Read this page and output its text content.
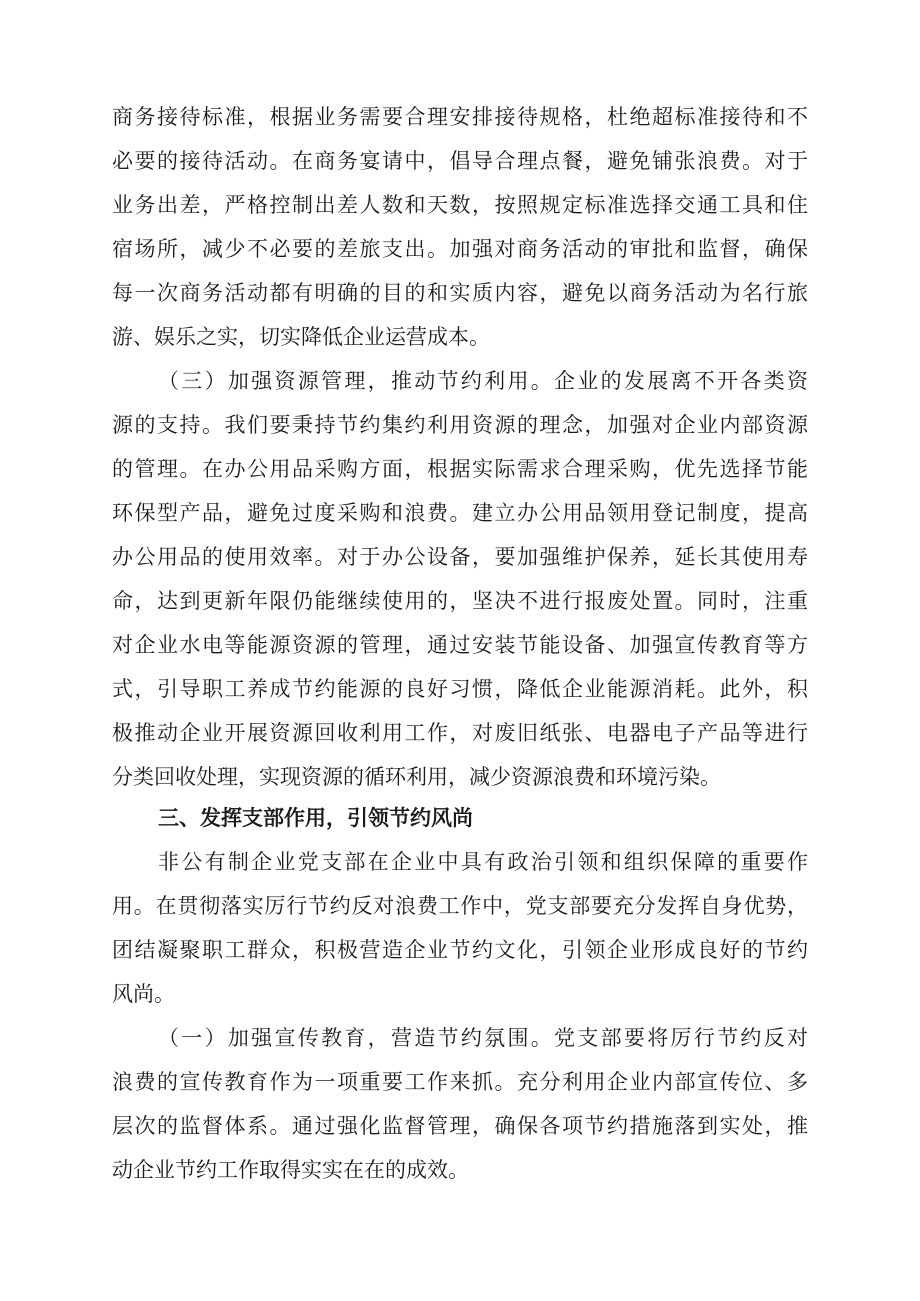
商务接待标准，根据业务需要合理安排接待规格，杜绝超标准接待和不
必要的接待活动。在商务宴请中，倡导合理点餐，避免铺张浪费。对于
业务出差，严格控制出差人数和天数，按照规定标准选择交通工具和住
宿场所，减少不必要的差旅支出。加强对商务活动的审批和监督，确保
每一次商务活动都有明确的目的和实质内容，避免以商务活动为名行旅
游、娱乐之实，切实降低企业运营成本。
（三）加强资源管理，推动节约利用。企业的发展离不开各类资
源的支持。我们要秉持节约集约利用资源的理念，加强对企业内部资源
的管理。在办公用品采购方面，根据实际需求合理采购，优先选择节能
环保型产品，避免过度采购和浪费。建立办公用品领用登记制度，提高
办公用品的使用效率。对于办公设备，要加强维护保养，延长其使用寿
命，达到更新年限仍能继续使用的，坚决不进行报废处置。同时，注重
对企业水电等能源资源的管理，通过安装节能设备、加强宣传教育等方
式，引导职工养成节约能源的良好习惯，降低企业能源消耗。此外，积
极推动企业开展资源回收利用工作，对废旧纸张、电器电子产品等进行
分类回收处理，实现资源的循环利用，减少资源浪费和环境污染。
三、发挥支部作用，引领节约风尚
非公有制企业党支部在企业中具有政治引领和组织保障的重要作
用。在贯彻落实厉行节约反对浪费工作中，党支部要充分发挥自身优势，
团结凝聚职工群众，积极营造企业节约文化，引领企业形成良好的节约
风尚。
（一）加强宣传教育，营造节约氛围。党支部要将厉行节约反对
浪费的宣传教育作为一项重要工作来抓。充分利用企业内部宣传位、多
层次的监督体系。通过强化监督管理，确保各项节约措施落到实处，推
动企业节约工作取得实实在在的成效。
